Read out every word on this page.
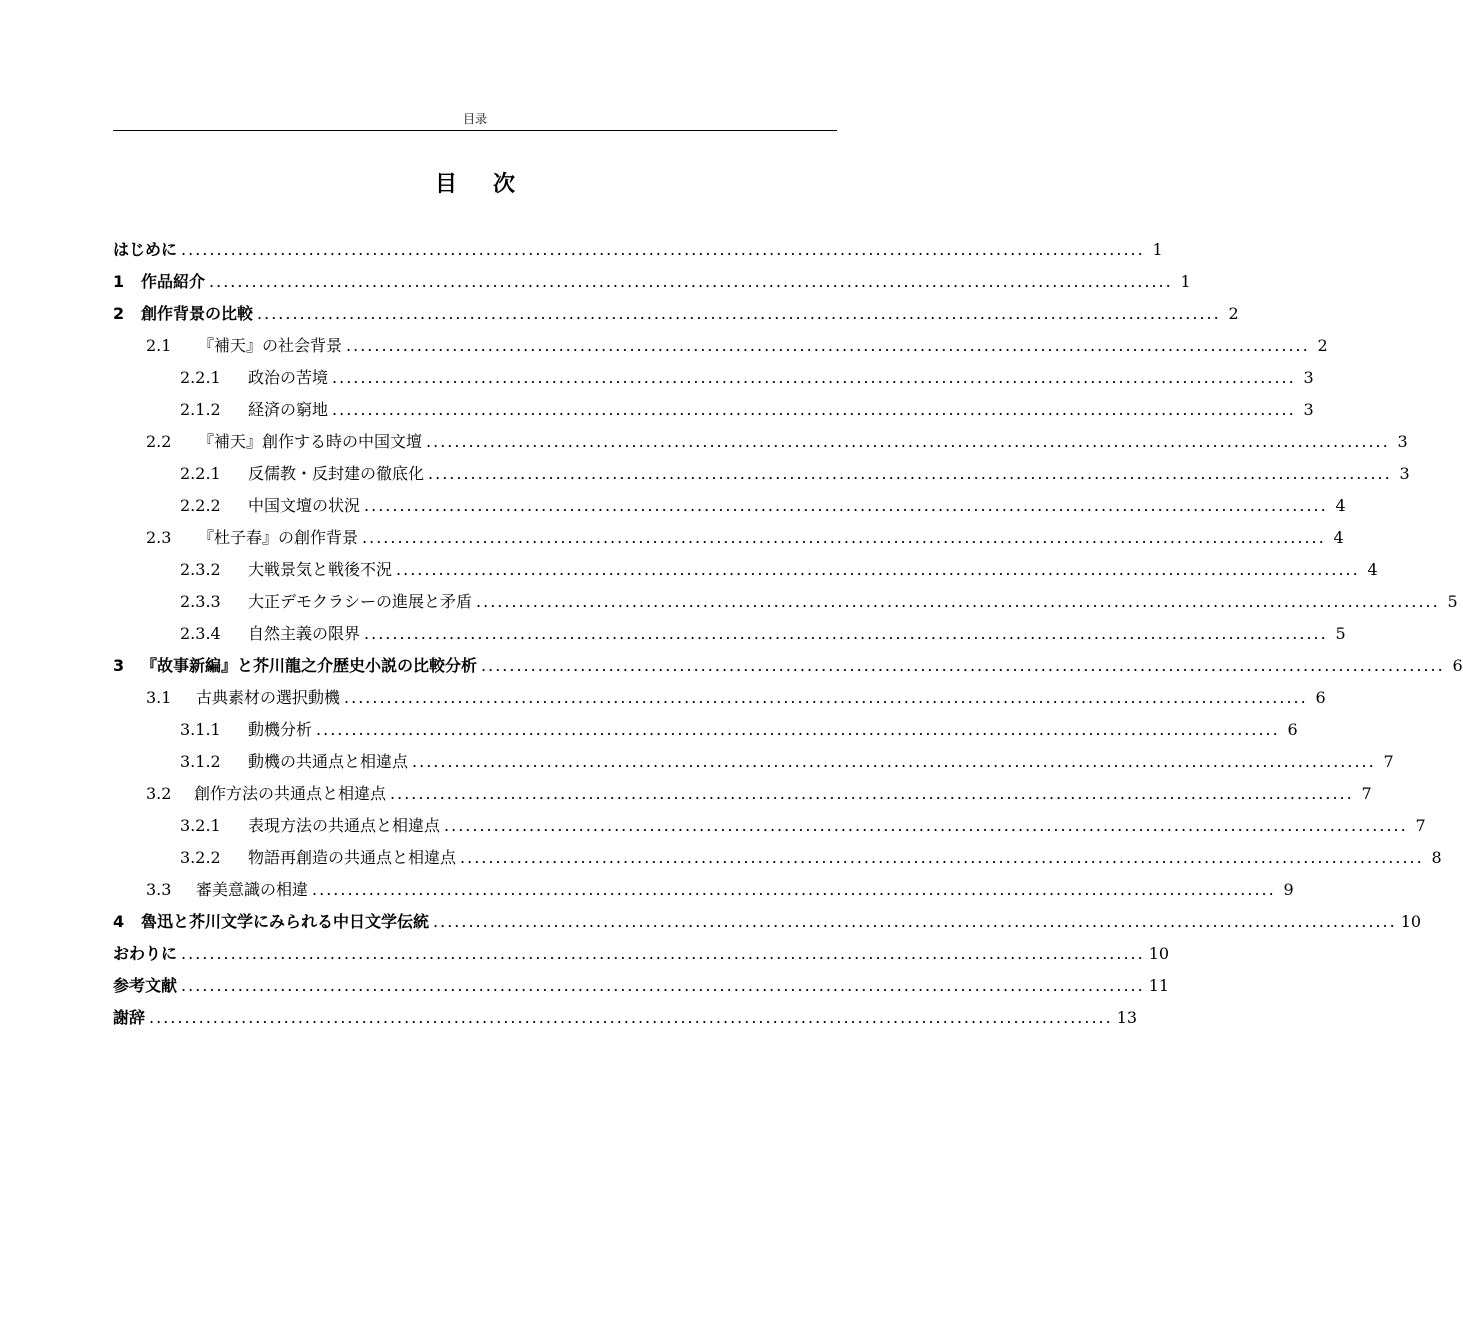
目录
目次
はじめに ........................................................................................................................................ 1
1	作品紹介 ........................................................................................................................................ 1
2	創作背景の比較 ........................................................................................................................................ 2
2.1	『補天』の社会背景 ........................................................................................................................................ 2
2.2.1	政治の苦境 ........................................................................................................................................ 3
2.1.2	経済の窮地 ........................................................................................................................................ 3
2.2	『補天』創作する時の中国文壇 ........................................................................................................................................ 3
2.2.1	反儒教・反封建の徹底化 ........................................................................................................................................ 3
2.2.2	中国文壇の状況 ........................................................................................................................................ 4
2.3	『杜子春』の創作背景 ........................................................................................................................................ 4
2.3.2	大戦景気と戦後不況 ........................................................................................................................................ 4
2.3.3	大正デモクラシーの進展と矛盾 ........................................................................................................................................ 5
2.3.4	自然主義の限界 ........................................................................................................................................ 5
3	『故事新編』と芥川龍之介歴史小説の比較分析 ........................................................................................................................................ 6
3.1	古典素材の選択動機 ........................................................................................................................................ 6
3.1.1	動機分析 ........................................................................................................................................ 6
3.1.2	動機の共通点と相違点 ........................................................................................................................................ 7
3.2	創作方法の共通点と相違点 ........................................................................................................................................ 7
3.2.1	表現方法の共通点と相違点 ........................................................................................................................................ 7
3.2.2	物語再創造の共通点と相違点 ........................................................................................................................................ 8
3.3	審美意識の相違 ........................................................................................................................................ 9
4	魯迅と芥川文学にみられる中日文学伝統 ........................................................................................................................................ 10
おわりに ........................................................................................................................................ 10
参考文献 ........................................................................................................................................ 11
謝辞 ........................................................................................................................................ 13
